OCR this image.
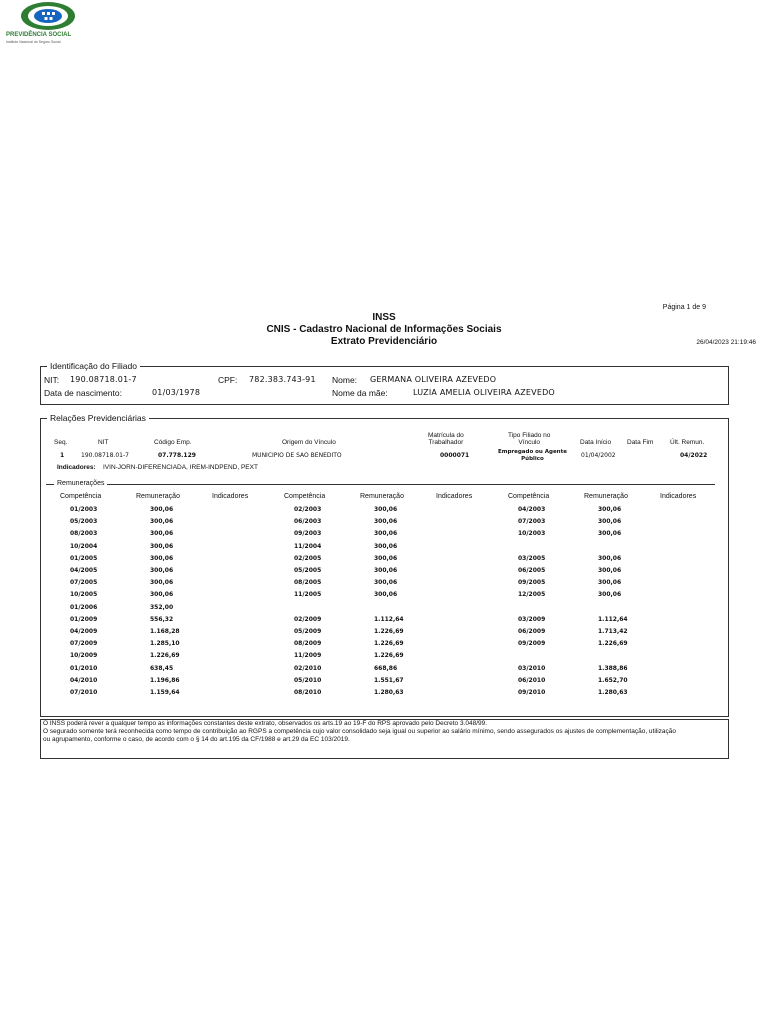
PREVIDÊNCIA SOCIAL
Instituto Nacional do Seguro Social
INSS
CNIS - Cadastro Nacional de Informações Sociais
Extrato Previdenciário
Página 1 de 9
26/04/2023 21:19:46
Identificação do Filiado
NIT: 190.08718.01-7	CPF: 782.383.743-91 Nome: GERMANA OLIVEIRA AZEVEDO
Data de nascimento:	01/03/1978	Nome da mãe:	LUZIA AMELIA OLIVEIRA AZEVEDO
Relações Previdenciárias
Seq.	NIT	Código Emp.	Origem do Vínculo
Matrícula do
Trabalhador
Tipo Filiado no
Vínculo	Data Início Data Fim	Últ. Remun.
1	190.08718.01-7	07.778.129	MUNICIPIO DE SAO BENEDITO	0000071	Empregado ou Agente
Público	01/04/2002	04/2022
Indicadores: IVIN-JORN-DIFERENCIADA, IREM-INDPEND, PEXT
Remunerações
Competência	Remuneração	Indicadores	Competência	Remuneração	Indicadores	Competência	Remuneração	Indicadores
01/2003	300,06	02/2003	300,06	04/2003	300,06
05/2003	300,06	06/2003	300,06	07/2003	300,06
08/2003	300,06	09/2003	300,06	10/2003	300,06
10/2004	300,06	11/2004	300,06
01/2005	300,06	02/2005	300,06	03/2005	300,06
04/2005	300,06	05/2005	300,06	06/2005	300,06
07/2005	300,06	08/2005	300,06	09/2005	300,06
10/2005	300,06	11/2005	300,06	12/2005	300,06
01/2006	352,00
01/2009	556,32	02/2009	1.112,64	03/2009	1.112,64
04/2009	1.168,28	05/2009	1.226,69	06/2009	1.713,42
07/2009	1.285,10	08/2009	1.226,69	09/2009	1.226,69
10/2009	1.226,69	11/2009	1.226,69
01/2010	638,45	02/2010	668,86	03/2010	1.388,86
04/2010	1.196,86	05/2010	1.551,67	06/2010	1.652,70
07/2010	1.159,64	08/2010	1.280,63	09/2010	1.280,63
O INSS poderá rever a qualquer tempo as informações constantes deste extrato, observados os arts.19 ao 19-F do RPS aprovado pelo Decreto 3.048/99.
O segurado somente terá reconhecida como tempo de contribuição ao RGPS a competência cujo valor consolidado seja igual ou superior ao salário mínimo, sendo assegurados os ajustes de complementação, utilização
ou agrupamento, conforme o caso, de acordo com o § 14 do art.195 da CF/1988 e art.29 da EC 103/2019.
